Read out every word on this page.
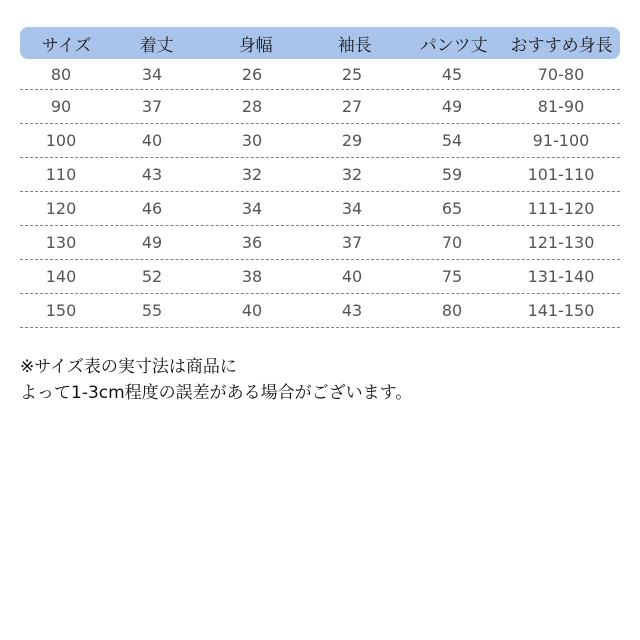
サイズ	着丈	身幅	袖長	パンツ丈	おすすめ身長
80	34	26	25	45	70-80
90	37	28	27	49	81-90
100	40	30	29	54	91-100
110	43	32	32	59	101-110
120	46	34	34	65	111-120
130	49	36	37	70	121-130
140	52	38	40	75	131-140
150	55	40	43	80	141-150
※サイズ表の実寸法は商品に
よって1-3cm程度の誤差がある場合がございます。
